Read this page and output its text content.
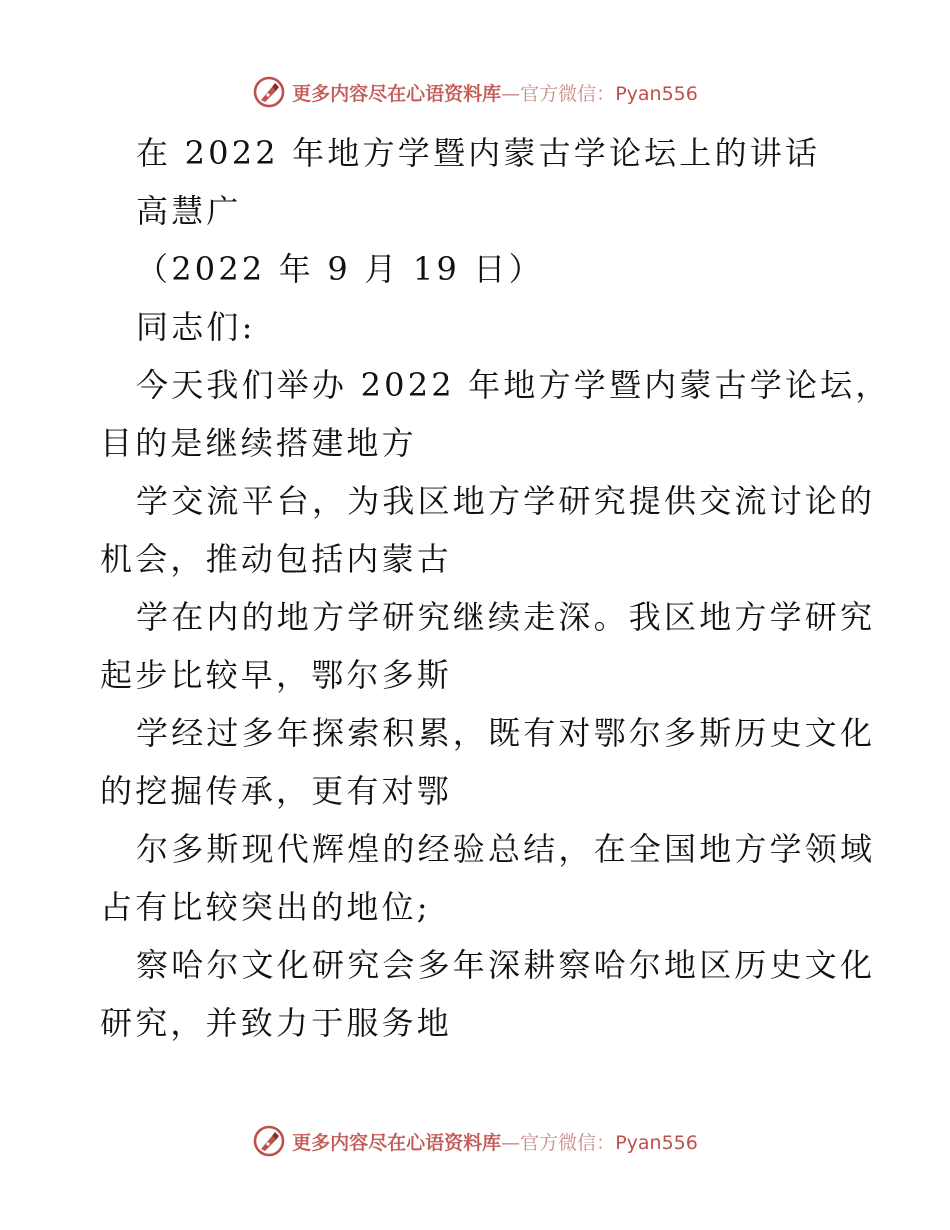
更多内容尽在心语资料库—官方微信：Pyan556
在 2022 年地方学暨内蒙古学论坛上的讲话
高慧广
（2022 年 9 月 19 日）
同志们:
今天我们举办 2022 年地方学暨内蒙古学论坛，
目的是继续搭建地方
学交流平台，为我区地方学研究提供交流讨论的
机会，推动包括内蒙古
学在内的地方学研究继续走深。我区地方学研究
起步比较早，鄂尔多斯
学经过多年探索积累，既有对鄂尔多斯历史文化
的挖掘传承，更有对鄂
尔多斯现代辉煌的经验总结，在全国地方学领域
占有比较突出的地位;
察哈尔文化研究会多年深耕察哈尔地区历史文化
研究，并致力于服务地
更多内容尽在心语资料库—官方微信：Pyan556
